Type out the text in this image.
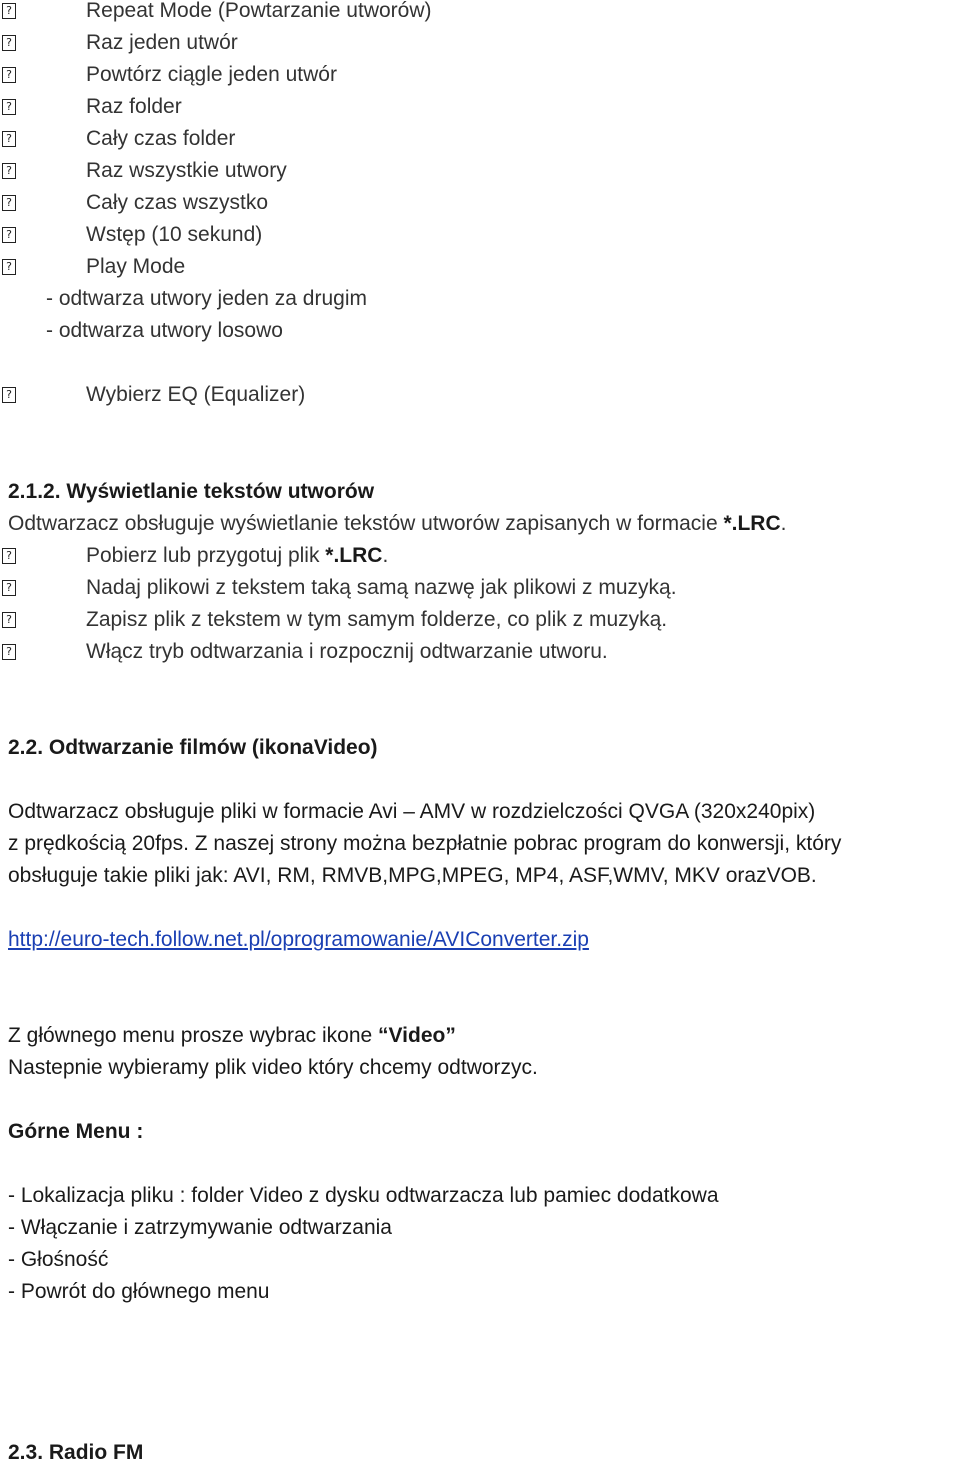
?	Repeat Mode (Powtarzanie utworów)
?	Raz jeden utwór
?	Powtórz ciągle jeden utwór
?	Raz folder
?	Cały czas folder
?	Raz wszystkie utwory
?	Cały czas wszystko
?	Wstęp (10 sekund)
?	Play Mode
- odtwarza utwory jeden za drugim
- odtwarza utwory losowo
?	Wybierz EQ (Equalizer)
2.1.2. Wyświetlanie tekstów utworów
Odtwarzacz obsługuje wyświetlanie tekstów utworów zapisanych w formacie *.LRC.
?	Pobierz lub przygotuj plik *.LRC.
?	Nadaj plikowi z tekstem taką samą nazwę jak plikowi z muzyką.
?	Zapisz plik z tekstem w tym samym folderze, co plik z muzyką.
?	Włącz tryb odtwarzania i rozpocznij odtwarzanie utworu.
2.2. Odtwarzanie filmów (ikonaVideo)
Odtwarzacz obsługuje pliki w formacie Avi – AMV w rozdzielczości QVGA (320x240pix)
z prędkością 20fps. Z naszej strony można bezpłatnie pobrac program do konwersji, który
obsługuje takie pliki jak: AVI, RM, RMVB,MPG,MPEG, MP4, ASF,WMV, MKV orazVOB.
http://euro-tech.follow.net.pl/oprogramowanie/AVIConverter.zip
Z głównego menu prosze wybrac ikone “Video”
Nastepnie wybieramy plik video który chcemy odtworzyc.
Górne Menu :
- Lokalizacja pliku : folder Video z dysku odtwarzacza lub pamiec dodatkowa
- Włączanie i zatrzymywanie odtwarzania
- Głośność
- Powrót do głównego menu
2.3. Radio FM
